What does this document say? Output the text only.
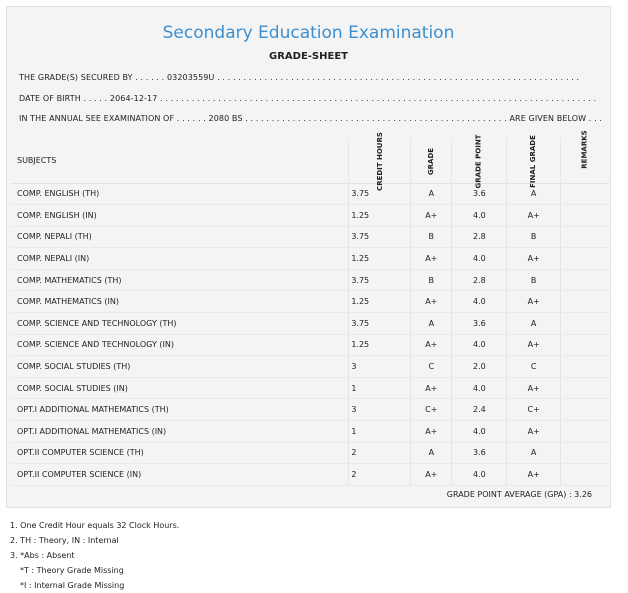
Secondary Education Examination
GRADE-SHEET
THE GRADE(S) SECURED BY . . . . . . 03203559U . . . . . . . . . . . . . . . . . . . . . . . . . . . . . . . . . . . . . . . . . . . . . . . . . . . . . . . . . . . . . . . . . . . . .
DATE OF BIRTH . . . . . 2064-12-17 . . . . . . . . . . . . . . . . . . . . . . . . . . . . . . . . . . . . . . . . . . . . . . . . . . . . . . . . . . . . . . . . . . . . . . . . . . . . . . . . . . .
IN THE ANNUAL SEE EXAMINATION OF . . . . . . 2080 BS . . . . . . . . . . . . . . . . . . . . . . . . . . . . . . . . . . . . . . . . . . . . . . . . . . ARE GIVEN BELOW . . .
SUBJECTS	CREDIT HOURS	GRADE	GRADE POINT	FINAL GRADE	REMARKS
COMP. ENGLISH (TH)	3.75	A	3.6	A	
COMP. ENGLISH (IN)	1.25	A+	4.0	A+	
COMP. NEPALI (TH)	3.75	B	2.8	B	
COMP. NEPALI (IN)	1.25	A+	4.0	A+	
COMP. MATHEMATICS (TH)	3.75	B	2.8	B	
COMP. MATHEMATICS (IN)	1.25	A+	4.0	A+	
COMP. SCIENCE AND TECHNOLOGY (TH)	3.75	A	3.6	A	
COMP. SCIENCE AND TECHNOLOGY (IN)	1.25	A+	4.0	A+	
COMP. SOCIAL STUDIES (TH)	3	C	2.0	C	
COMP. SOCIAL STUDIES (IN)	1	A+	4.0	A+	
OPT.I ADDITIONAL MATHEMATICS (TH)	3	C+	2.4	C+	
OPT.I ADDITIONAL MATHEMATICS (IN)	1	A+	4.0	A+	
OPT.II COMPUTER SCIENCE (TH)	2	A	3.6	A	
OPT.II COMPUTER SCIENCE (IN)	2	A+	4.0	A+	
GRADE POINT AVERAGE (GPA) : 3.26
1. One Credit Hour equals 32 Clock Hours.
2. TH : Theory, IN : Internal
3. *Abs : Absent
*T : Theory Grade Missing
*I : Internal Grade Missing
